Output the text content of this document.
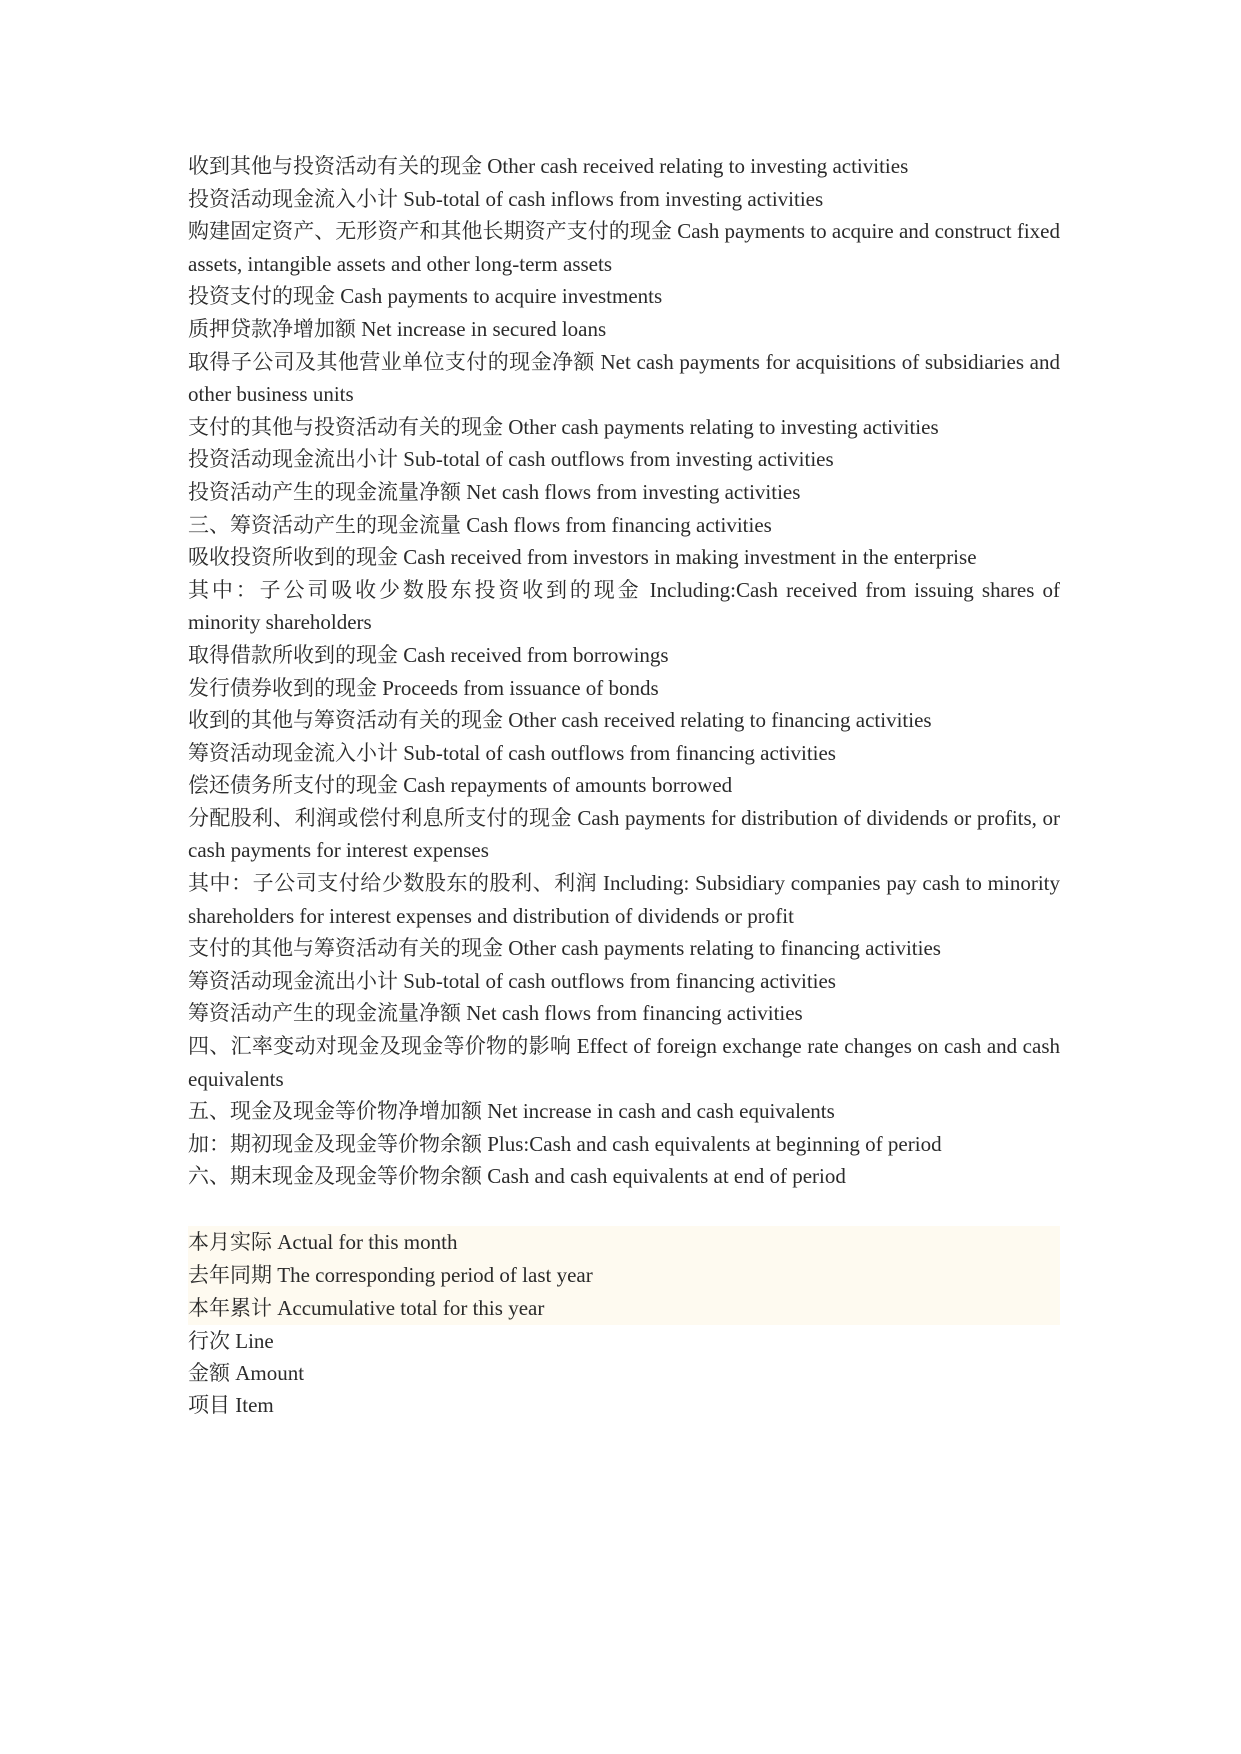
收到其他与投资活动有关的现金 Other cash received relating to investing activities

投资活动现金流入小计 Sub-total of cash inflows from investing activities

购建固定资产、无形资产和其他长期资产支付的现金 Cash payments to acquire and construct fixed assets, intangible assets and other long-term assets

投资支付的现金 Cash payments to acquire investments

质押贷款净增加额 Net increase in secured loans

取得子公司及其他营业单位支付的现金净额 Net cash payments for acquisitions of subsidiaries and other business units

支付的其他与投资活动有关的现金 Other cash payments relating to investing activities

投资活动现金流出小计 Sub-total of cash outflows from investing activities

投资活动产生的现金流量净额 Net cash flows from investing activities

三、筹资活动产生的现金流量 Cash flows from financing activities

吸收投资所收到的现金 Cash received from investors in making investment in the enterprise

其中：子公司吸收少数股东投资收到的现金 Including:Cash received from issuing shares of minority shareholders

取得借款所收到的现金 Cash received from borrowings

发行债券收到的现金 Proceeds from issuance of bonds

收到的其他与筹资活动有关的现金 Other cash received relating to financing activities

筹资活动现金流入小计 Sub-total of cash outflows from financing activities

偿还债务所支付的现金 Cash repayments of amounts borrowed

分配股利、利润或偿付利息所支付的现金 Cash payments for distribution of dividends or profits, or cash payments for interest expenses

其中：子公司支付给少数股东的股利、利润 Including: Subsidiary companies pay cash to minority shareholders for interest expenses and distribution of dividends or profit

支付的其他与筹资活动有关的现金 Other cash payments relating to financing activities

筹资活动现金流出小计 Sub-total of cash outflows from financing activities

筹资活动产生的现金流量净额 Net cash flows from financing activities

四、汇率变动对现金及现金等价物的影响 Effect of foreign exchange rate changes on cash and cash equivalents

五、现金及现金等价物净增加额 Net increase in cash and cash equivalents

加：期初现金及现金等价物余额 Plus:Cash and cash equivalents at beginning of period

六、期末现金及现金等价物余额 Cash and cash equivalents at end of period

本月实际 Actual for this month

去年同期 The corresponding period of last year

本年累计 Accumulative total for this year

行次 Line

金额 Amount

项目 Item
